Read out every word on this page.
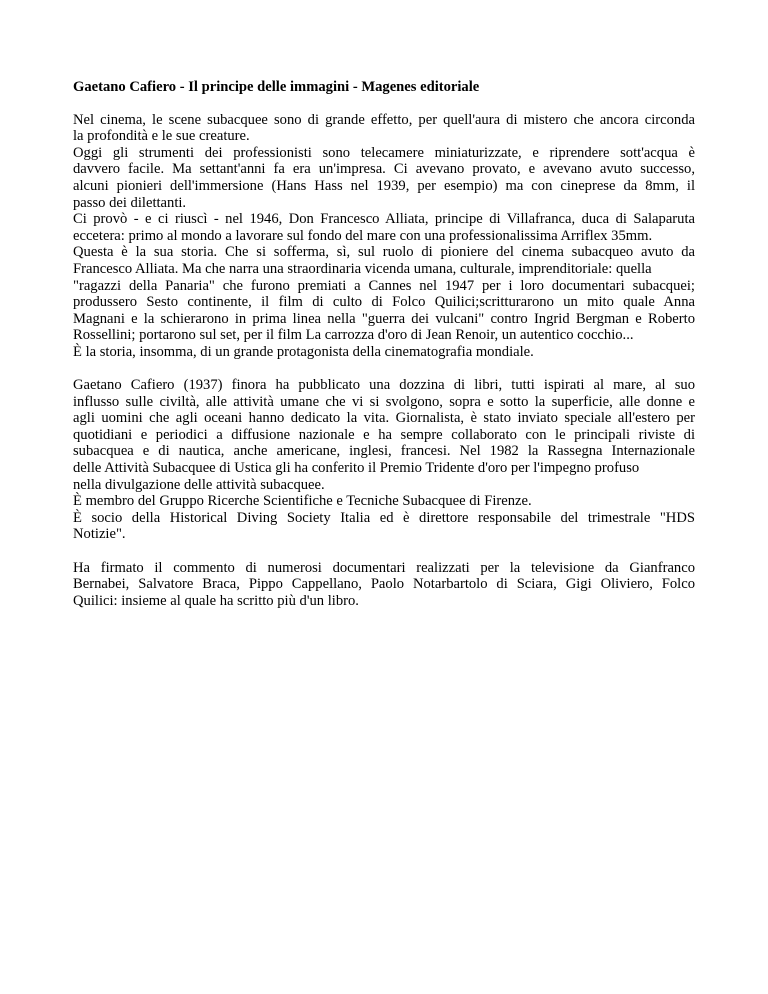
Gaetano Cafiero - Il principe delle immagini - Magenes editoriale
Nel cinema, le scene subacquee sono di grande effetto, per quell'aura di mistero che ancora circonda
la profondità e le sue creature.
Oggi gli strumenti dei professionisti sono telecamere miniaturizzate, e riprendere sott'acqua è
davvero facile. Ma settant'anni fa era un'impresa. Ci avevano provato, e avevano avuto successo,
alcuni pionieri dell'immersione (Hans Hass nel 1939, per esempio) ma con cineprese da 8mm, il
passo dei dilettanti.
Ci provò - e ci riuscì - nel 1946, Don Francesco Alliata, principe di Villafranca, duca di Salaparuta
eccetera: primo al mondo a lavorare sul fondo del mare con una professionalissima Arriflex 35mm.
Questa è la sua storia. Che si sofferma, sì, sul ruolo di pioniere del cinema subacqueo avuto da
Francesco Alliata. Ma che narra una straordinaria vicenda umana, culturale, imprenditoriale: quella
"ragazzi della Panaria" che furono premiati a Cannes nel 1947 per i loro documentari subacquei;
produssero Sesto continente, il film di culto di Folco Quilici;scritturarono un mito quale Anna
Magnani e la schierarono in prima linea nella "guerra dei vulcani" contro Ingrid Bergman e Roberto
Rossellini; portarono sul set, per il film La carrozza d'oro di Jean Renoir, un autentico cocchio...
È la storia, insomma, di un grande protagonista della cinematografia mondiale.
Gaetano Cafiero (1937) finora ha pubblicato una dozzina di libri, tutti ispirati al mare, al suo
influsso sulle civiltà, alle attività umane che vi si svolgono, sopra e sotto la superficie, alle donne e
agli uomini che agli oceani hanno dedicato la vita. Giornalista, è stato inviato speciale all'estero per
quotidiani e periodici a diffusione nazionale e ha sempre collaborato con le principali riviste di
subacquea e di nautica, anche americane, inglesi, francesi. Nel 1982 la Rassegna Internazionale
delle Attività Subacquee di Ustica gli ha conferito il Premio Tridente d'oro per l'impegno profuso
nella divulgazione delle attività subacquee.
È membro del Gruppo Ricerche Scientifiche e Tecniche Subacquee di Firenze.
È socio della Historical Diving Society Italia ed è direttore responsabile del trimestrale "HDS
Notizie".
Ha firmato il commento di numerosi documentari realizzati per la televisione da Gianfranco
Bernabei, Salvatore Braca, Pippo Cappellano, Paolo Notarbartolo di Sciara, Gigi Oliviero, Folco
Quilici: insieme al quale ha scritto più d'un libro.
